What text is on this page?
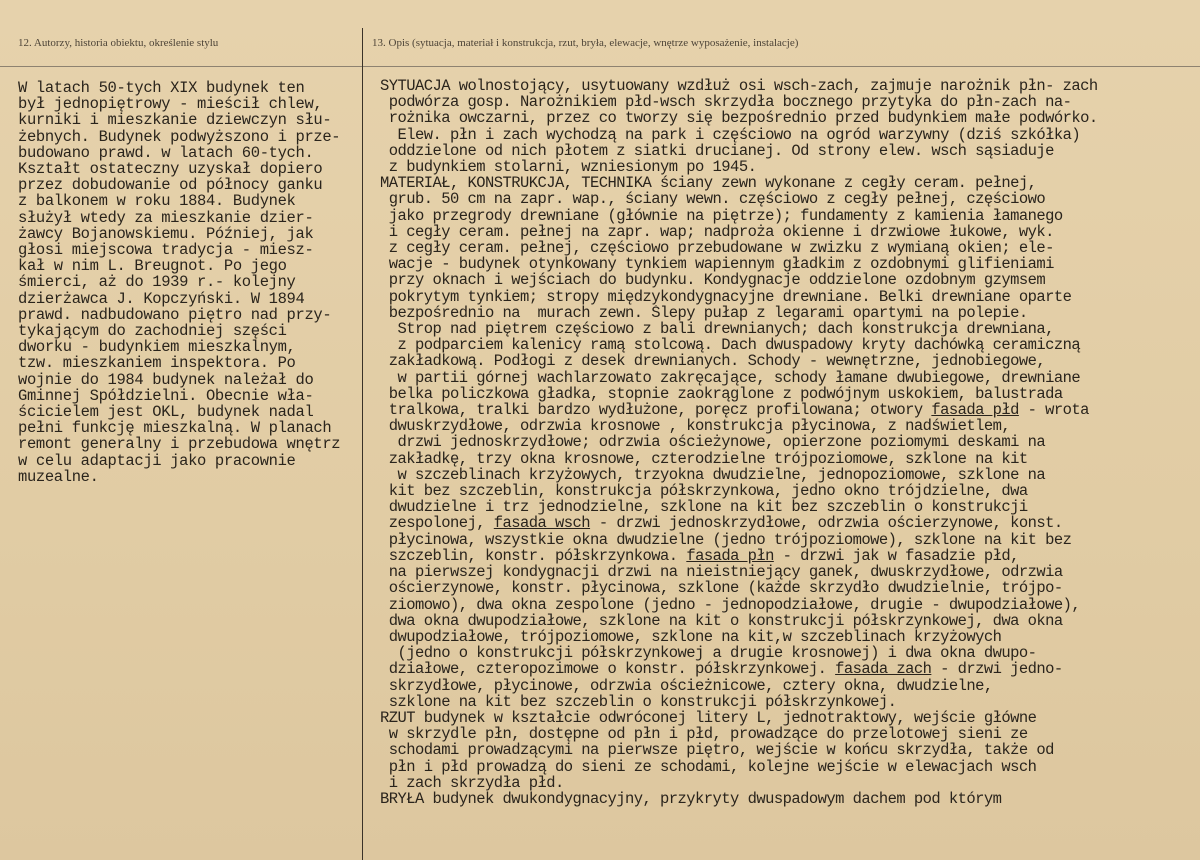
12. Autorzy, historia obiektu, określenie stylu	13. Opis (sytuacja, materiał i konstrukcja, rzut, bryła, elewacje, wnętrze wyposażenie, instalacje)
W latach 50-tych XIX budynek ten
był jednopiętrowy - mieścił chlew,
kurniki i mieszkanie dziewczyn słu-
żebnych. Budynek podwyższono i prze-
budowano prawd. w latach 60-tych.
Kształt ostateczny uzyskał dopiero
przez dobudowanie od północy ganku
z balkonem w roku 1884. Budynek
służył wtedy za mieszkanie dzier-
żawcy Bojanowskiemu. Później, jak
głosi miejscowa tradycja - miesz-
kał w nim L. Breugnot. Po jego
śmierci, aż do 1939 r.- kolejny
dzierżawca J. Kopczyński. W 1894
prawd. nadbudowano piętro nad przy-
tykającym do zachodniej szęści
dworku - budynkiem mieszkalnym,
tzw. mieszkaniem inspektora. Po
wojnie do 1984 budynek należał do
Gminnej Spółdzielni. Obecnie wła-
ścicielem jest OKL, budynek nadal
pełni funkcję mieszkalną. W planach
remont generalny i przebudowa wnętrz
w celu adaptacji jako pracownie
muzealne.
SYTUACJA wolnostojący, usytuowany wzdłuż osi wsch-zach, zajmuje narożnik płn- zach
podwórza gosp. Narożnikiem płd-wsch skrzydła bocznego przytyka do płn-zach na-
rożnika owczarni, przez co tworzy się bezpośrednio przed budynkiem małe podwórko.
Elew. płn i zach wychodzą na park i częściowo na ogród warzywny (dziś szkółka)
oddzielone od nich płotem z siatki drucianej. Od strony elew. wsch sąsiaduje
z budynkiem stolarni, wzniesionym po 1945.
MATERIAŁ, KONSTRUKCJA, TECHNIKA ściany zewn wykonane z cegły ceram. pełnej,
grub. 50 cm na zapr. wap., ściany wewn. częściowo z cegły pełnej, częściowo
jako przegrody drewniane (głównie na piętrze); fundamenty z kamienia łamanego
i cegły ceram. pełnej na zapr. wap; nadproża okienne i drzwiowe łukowe, wyk.
z cegły ceram. pełnej, częściowo przebudowane w zwizku z wymianą okien; ele-
wacje - budynek otynkowany tynkiem wapiennym gładkim z ozdobnymi glifieniami
przy oknach i wejściach do budynku. Kondygnacje oddzielone ozdobnym gzymsem
pokrytym tynkiem; stropy międzykondygnacyjne drewniane. Belki drewniane oparte
bezpośrednio na  murach zewn. Ślepy pułap z legarami opartymi na polepie.
Strop nad piętrem częściowo z bali drewnianych; dach konstrukcja drewniana,
z podparciem kalenicy ramą stolcową. Dach dwuspadowy kryty dachówką ceramiczną
zakładkową. Podłogi z desek drewnianych. Schody - wewnętrzne, jednobiegowe,
w partii górnej wachlarzowato zakręcające, schody łamane dwubiegowe, drewniane
belka policzkowa gładka, stopnie zaokrąglone z podwójnym uskokiem, balustrada
tralkowa, tralki bardzo wydłużone, poręcz profilowana; otwory fasada płd - wrota
dwuskrzydłowe, odrzwia krosnowe , konstrukcja płycinowa, z nadświetlem,
drzwi jednoskrzydłowe; odrzwia ościeżynowe, opierzone poziomymi deskami na
zakładkę, trzy okna krosnowe, czterodzielne trójpoziomowe, szklone na kit
w szczeblinach krzyżowych, trzyokna dwudzielne, jednopoziomowe, szklone na
kit bez szczeblin, konstrukcja półskrzynkowa, jedno okno trójdzielne, dwa
dwudzielne i trz jednodzielne, szklone na kit bez szczeblin o konstrukcji
zespolonej, fasada wsch - drzwi jednoskrzydłowe, odrzwia ościerzynowe, konst.
płycinowa, wszystkie okna dwudzielne (jedno trójpoziomowe), szklone na kit bez
szczeblin, konstr. półskrzynkowa. fasada płn - drzwi jak w fasadzie płd,
na pierwszej kondygnacji drzwi na nieistniejący ganek, dwuskrzydłowe, odrzwia
ościerzynowe, konstr. płycinowa, szklone (każde skrzydło dwudzielnie, trójpo-
ziomowo), dwa okna zespolone (jedno - jednopodziałowe, drugie - dwupodziałowe),
dwa okna dwupodziałowe, szklone na kit o konstrukcji półskrzynkowej, dwa okna
dwupodziałowe, trójpoziomowe, szklone na kit,w szczeblinach krzyżowych
(jedno o konstrukcji półskrzynkowej a drugie krosnowej) i dwa okna dwupo-
działowe, czteropozimowe o konstr. półskrzynkowej. fasada zach - drzwi jedno-
skrzydłowe, płycinowe, odrzwia ościeżnicowe, cztery okna, dwudzielne,
szklone na kit bez szczeblin o konstrukcji półskrzynkowej.
RZUT budynek w kształcie odwróconej litery L, jednotraktowy, wejście główne
w skrzydle płn, dostępne od płn i płd, prowadzące do przelotowej sieni ze
schodami prowadzącymi na pierwsze piętro, wejście w końcu skrzydła, także od
płn i płd prowadzą do sieni ze schodami, kolejne wejście w elewacjach wsch
i zach skrzydła płd.
BRYŁA budynek dwukondygnacyjny, przykryty dwuspadowym dachem pod którym
